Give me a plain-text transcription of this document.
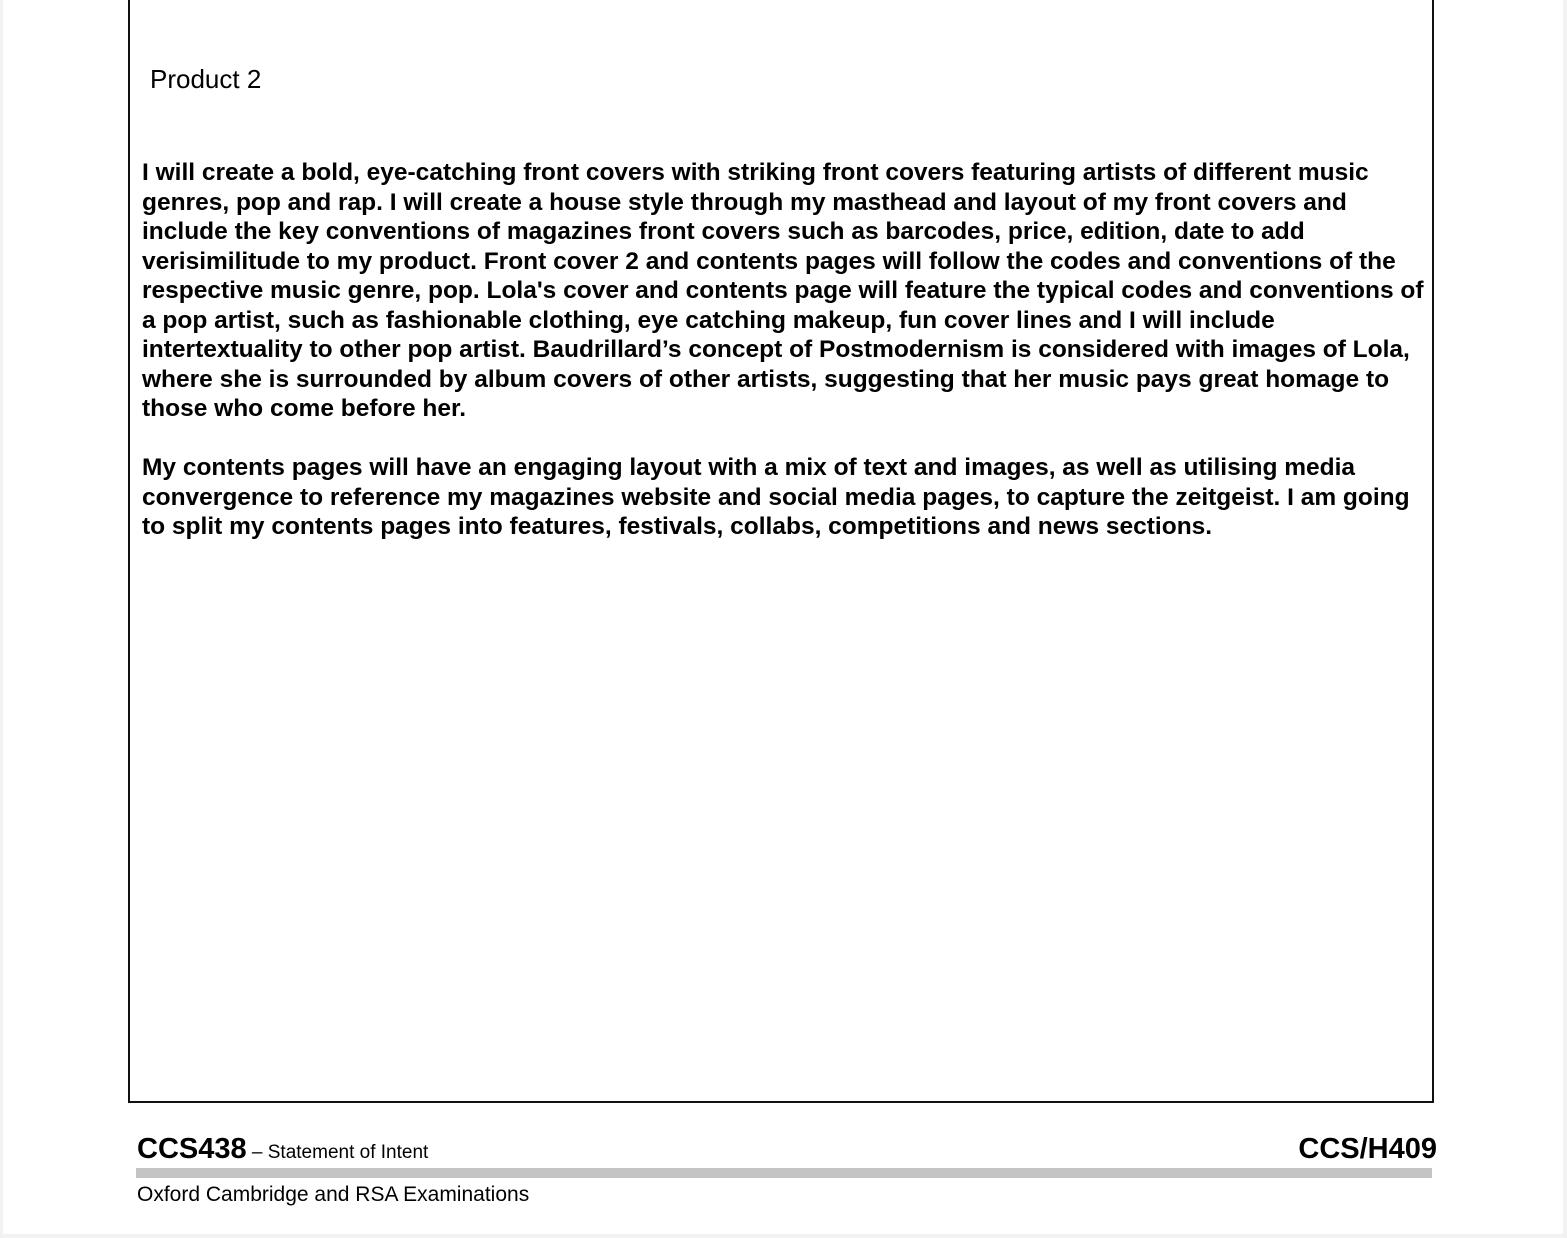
Product 2

I will create a bold, eye-catching front covers with striking front covers featuring artists of different music genres, pop and rap. I will create a house style through my masthead and layout of my front covers and include the key conventions of magazines front covers such as barcodes, price, edition, date to add verisimilitude to my product. Front cover 2 and contents pages will follow the codes and conventions of the respective music genre, pop. Lola's cover and contents page will feature the typical codes and conventions of a pop artist, such as fashionable clothing, eye catching makeup, fun cover lines and I will include intertextuality to other pop artist. Baudrillard’s concept of Postmodernism is considered with images of Lola, where she is surrounded by album covers of other artists, suggesting that her music pays great homage to those who come before her.

My contents pages will have an engaging layout with a mix of text and images, as well as utilising media convergence to reference my magazines website and social media pages, to capture the zeitgeist. I am going to split my contents pages into features, festivals, collabs, competitions and news sections.

CCS438 – Statement of Intent	CCS/H409
Oxford Cambridge and RSA Examinations
